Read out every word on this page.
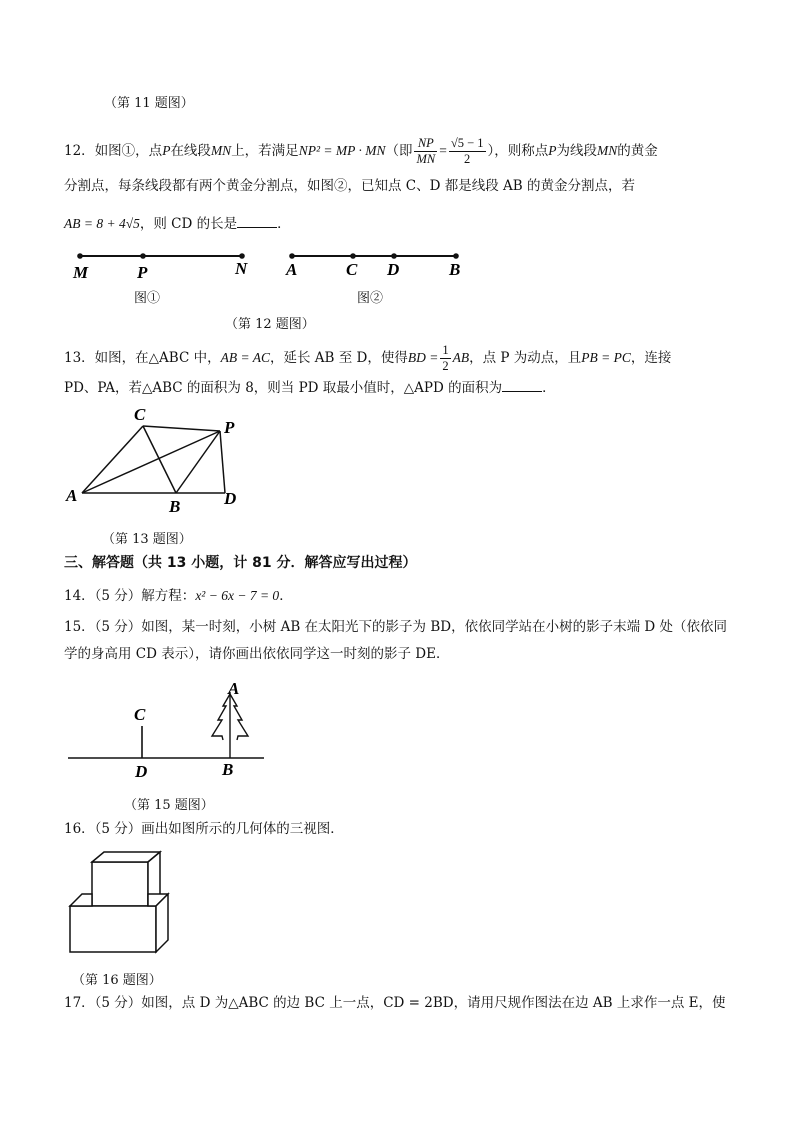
（第 11 题图）
12．如图①，点P在线段MN上，若满足NP² = MP · MN（即 $\frac{NP}{MN} = \frac{√5 - 1}{2}$ ），则称点P为线段MN的黄金
分割点，每条线段都有两个黄金分割点，如图②，已知点 C、D 都是线段 AB 的黄金分割点，若
AB = 8 + 4√5，则 CD 的长是	．
M	P	N A	C D	B
图①	图②
（第 12 题图）
13．如图，在△ABC 中，AB = AC，延长 AB 至 D，使得BD = $\frac{1}{2}$ AB，点 P 为动点，且PB = PC，连接
PD、PA，若△ABC 的面积为 8，则当 PD 取最小值时，△APD 的面积为	．
C
P
A
B	D
（第 13 题图）
三、解答题（共 13 小题，计 81 分．解答应写出过程）
14．（5 分）解方程：x² − 6x − 7 = 0．
15．（5 分）如图，某一时刻，小树 AB 在太阳光下的影子为 BD，依依同学站在小树的影子末端 D 处（依依同
学的身高用 CD 表示），请你画出依依同学这一时刻的影子 DE．
C
A
D	B
（第 15 题图）
16．（5 分）画出如图所示的几何体的三视图．
（第 16 题图）
17．（5 分）如图，点 D 为△ABC 的边 BC 上一点，CD = 2BD，请用尺规作图法在边 AB 上求作一点 E，使
